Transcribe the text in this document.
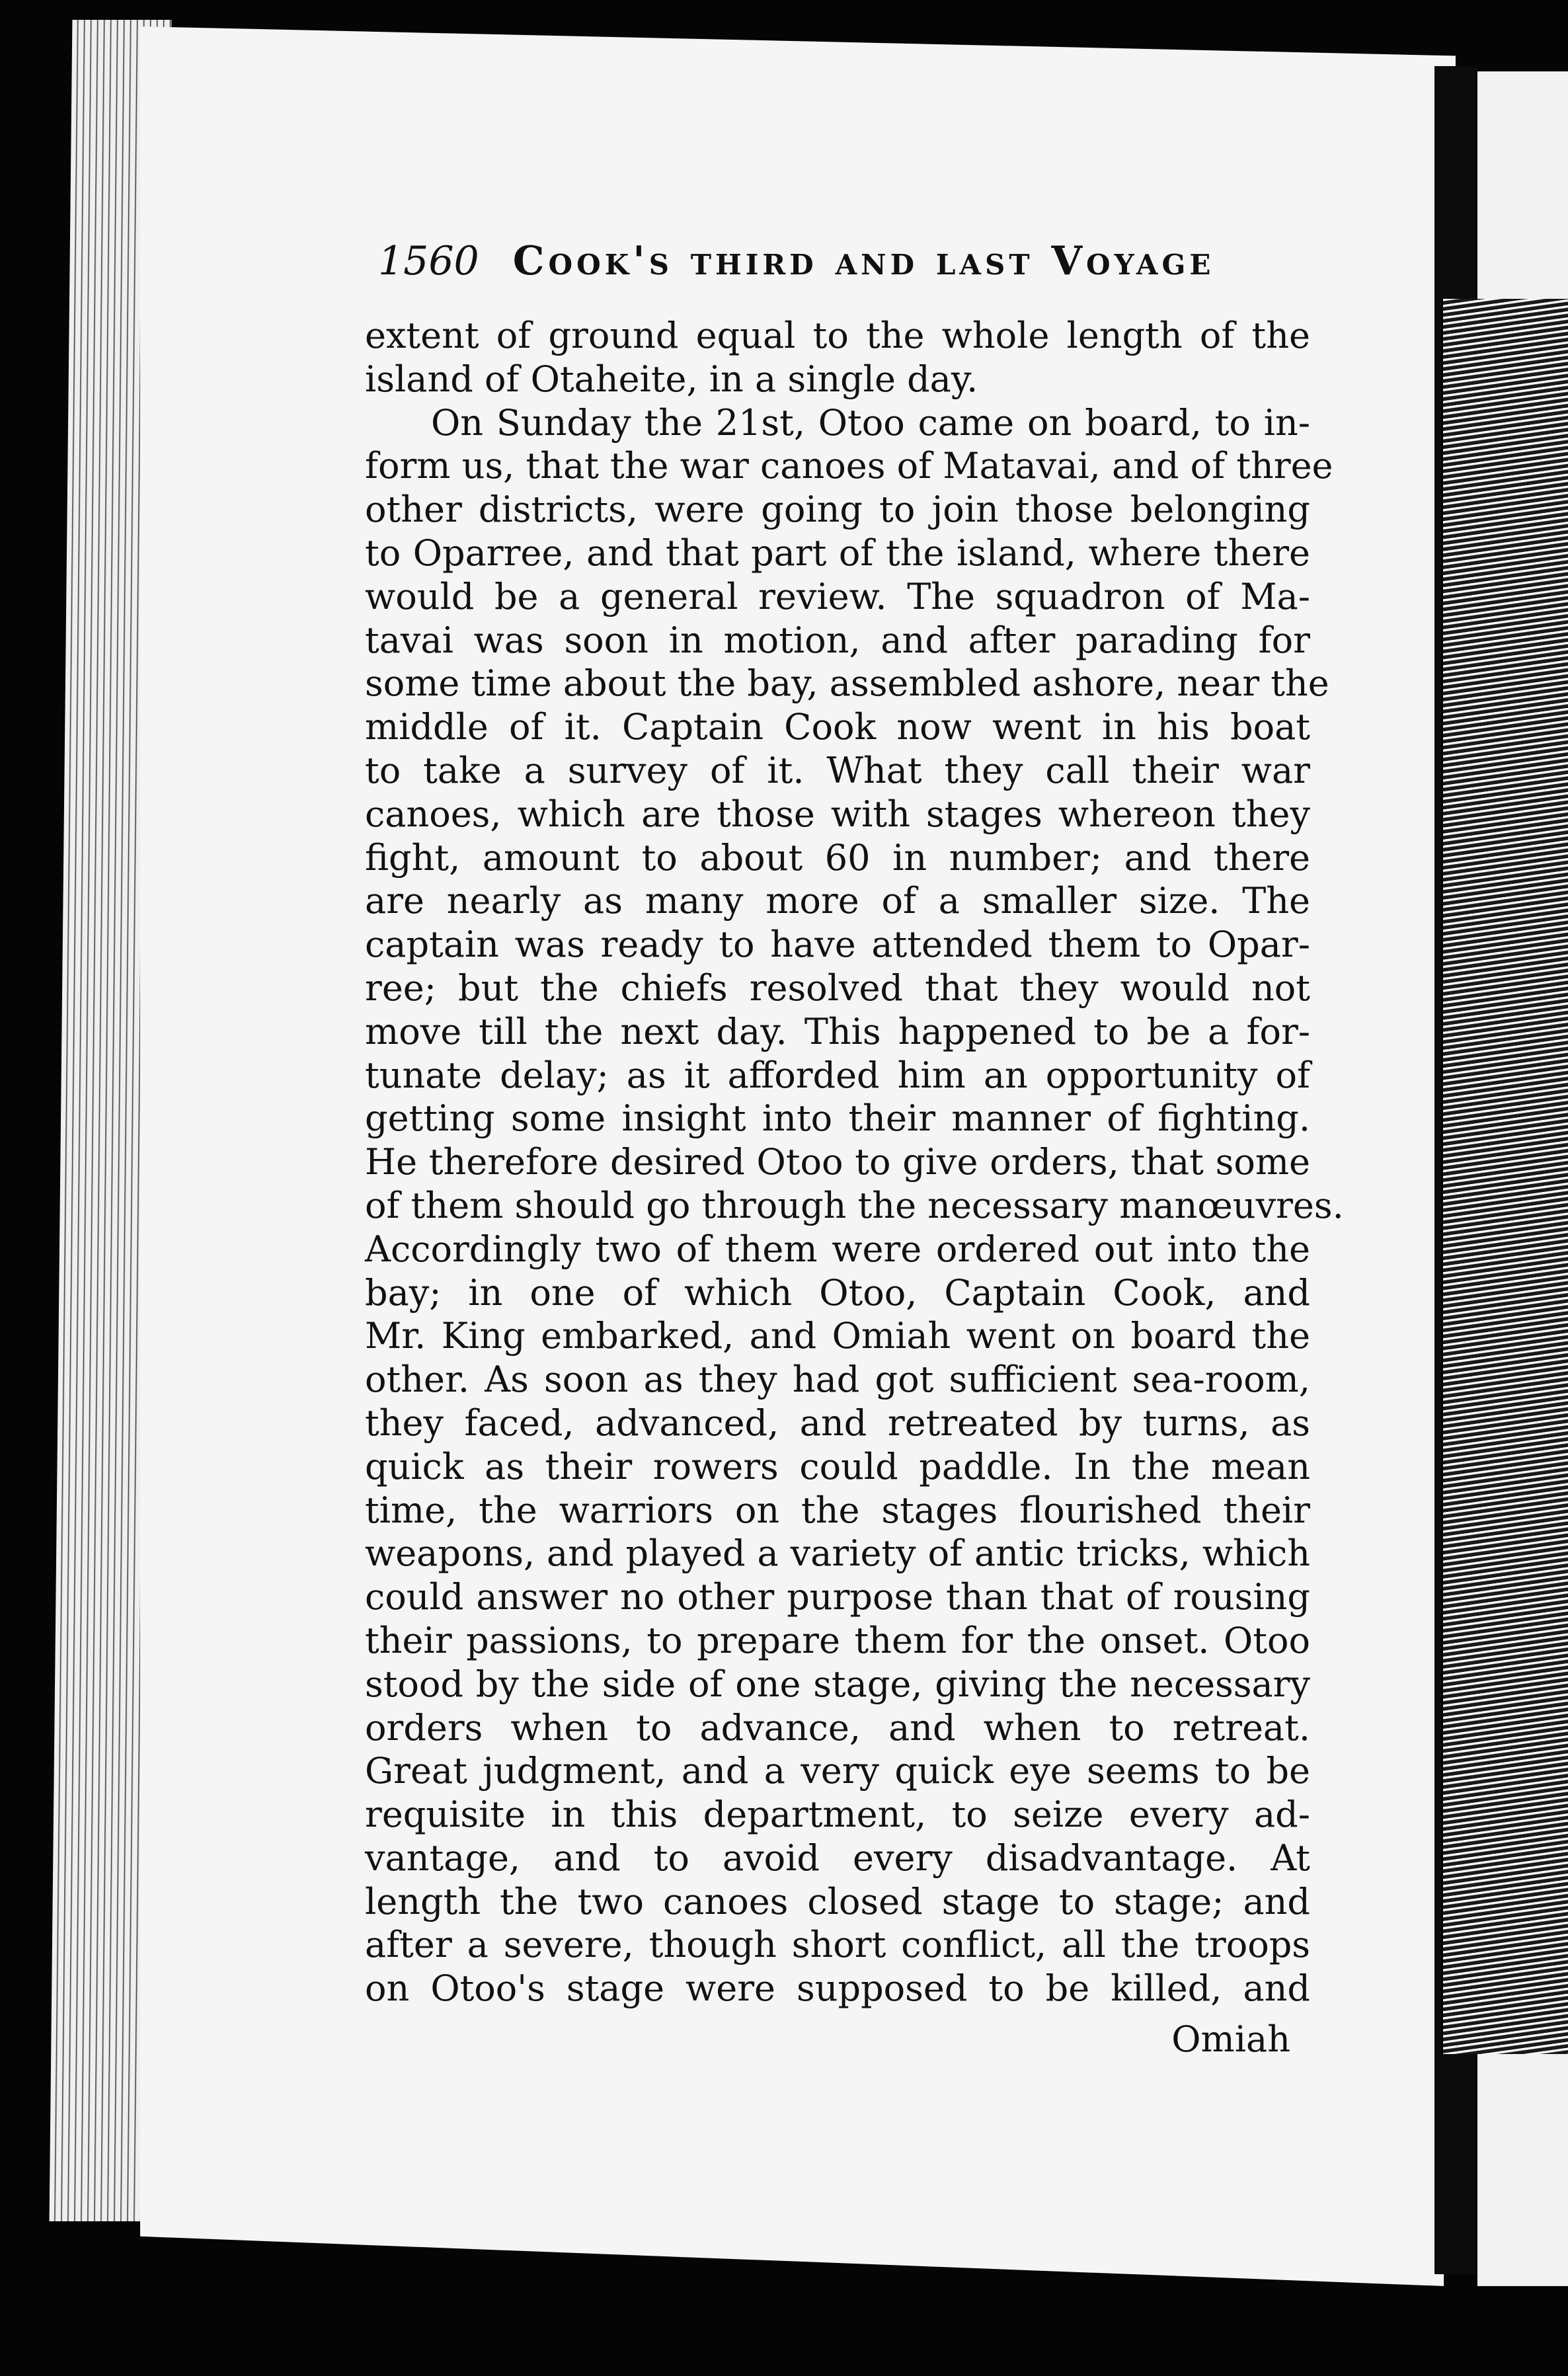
1560 Cook's third and last Voyage
extent of ground equal to the whole length of the
island of Otaheite, in a single day.
On Sunday the 21st, Otoo came on board, to in-
form us, that the war canoes of Matavai, and of three
other districts, were going to join those belonging
to Oparree, and that part of the island, where there
would be a general review. The squadron of Ma-
tavai was soon in motion, and after parading for
some time about the bay, assembled ashore, near the
middle of it. Captain Cook now went in his boat
to take a survey of it. What they call their war
canoes, which are those with stages whereon they
fight, amount to about 60 in number; and there
are nearly as many more of a smaller size. The
captain was ready to have attended them to Opar-
ree; but the chiefs resolved that they would not
move till the next day. This happened to be a for-
tunate delay; as it afforded him an opportunity of
getting some insight into their manner of fighting.
He therefore desired Otoo to give orders, that some
of them should go through the necessary manœuvres.
Accordingly two of them were ordered out into the
bay; in one of which Otoo, Captain Cook, and
Mr. King embarked, and Omiah went on board the
other. As soon as they had got sufficient sea-room,
they faced, advanced, and retreated by turns, as
quick as their rowers could paddle. In the mean
time, the warriors on the stages flourished their
weapons, and played a variety of antic tricks, which
could answer no other purpose than that of rousing
their passions, to prepare them for the onset. Otoo
stood by the side of one stage, giving the necessary
orders when to advance, and when to retreat.
Great judgment, and a very quick eye seems to be
requisite in this department, to seize every ad-
vantage, and to avoid every disadvantage. At
length the two canoes closed stage to stage; and
after a severe, though short conflict, all the troops
on Otoo's stage were supposed to be killed, and
Omiah
